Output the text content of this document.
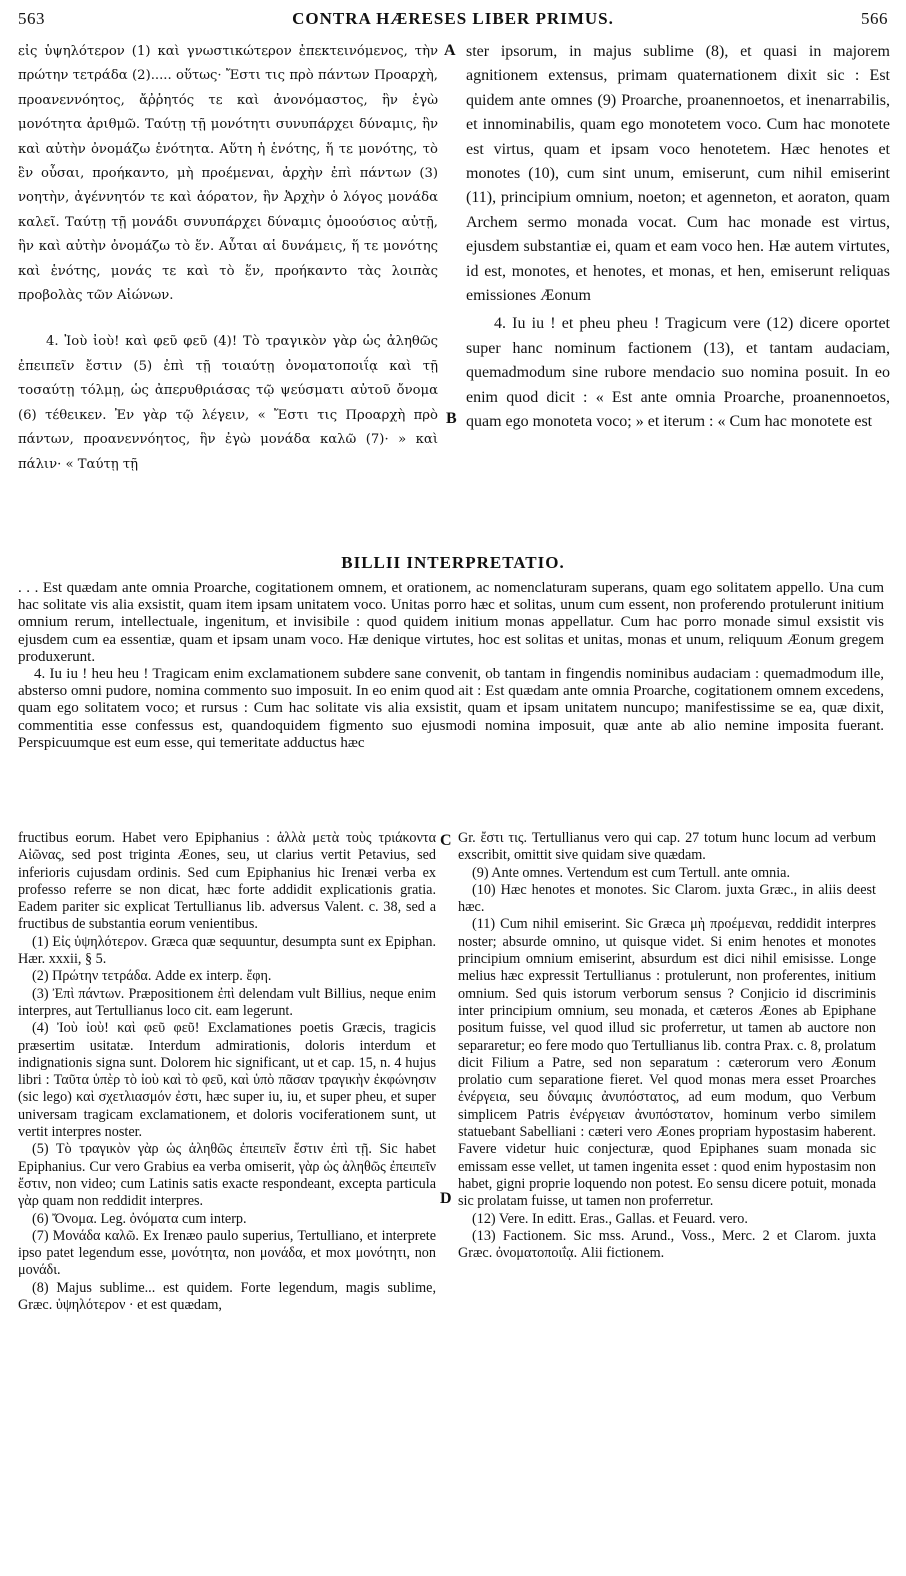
563	CONTRA HÆRESES LIBER PRIMUS.	566

εἰς ὑψηλότερον (1) καὶ γνωστικώτερον ἐπεκτεινόμενος, τὴν πρώτην τετράδα (2)..... οὕτως· Ἔστι τις πρὸ πάντων Προαρχὴ, προανεννόητος, ἄῤῥητός τε καὶ ἀνονόμαστος, ἣν ἐγὼ μονότητα ἀριθμῶ. Ταύτῃ τῇ μονότητι συνυπάρχει δύναμις, ἣν καὶ αὐτὴν ὀνομάζω ἑνότητα. Αὕτη ἡ ἑνότης, ἥ τε μονότης, τὸ ἓν οὖσαι, προήκαντο, μὴ προέμεναι, ἀρχὴν ἐπὶ πάντων (3) νοητὴν, ἀγέννητόν τε καὶ ἀόρατον, ἣν Ἀρχὴν ὁ λόγος μονάδα καλεῖ. Ταύτῃ τῇ μονάδι συνυπάρχει δύναμις ὁμοούσιος αὐτῇ, ἣν καὶ αὐτὴν ὀνομάζω τὸ ἕν. Αὗται αἱ δυνάμεις, ἥ τε μονότης καὶ ἑνότης, μονάς τε καὶ τὸ ἕν, προήκαντο τὰς λοιπὰς προβολὰς τῶν Αἰώνων.

4. Ἰοὺ ἰοὺ! καὶ φεῦ φεῦ (4)! Τὸ τραγικὸν γὰρ ὡς ἀληθῶς ἐπειπεῖν ἔστιν (5) ἐπὶ τῇ τοιαύτῃ ὀνοματοποιΐᾳ καὶ τῇ τοσαύτῃ τόλμῃ, ὡς ἀπερυθριάσας τῷ ψεύσματι αὐτοῦ ὄνομα (6) τέθεικεν. Ἐν γὰρ τῷ λέγειν, « Ἔστι τις Προαρχὴ πρὸ πάντων, προανεννόητος, ἣν ἐγὼ μονάδα καλῶ (7)· » καὶ πάλιν· « Ταύτῃ τῇ

A
B

ster ipsorum, in majus sublime (8), et quasi in majorem agnitionem extensus, primam quaternationem dixit sic : Est quidem ante omnes (9) Proarche, proanennoetos, et inenarrabilis, et innominabilis, quam ego monotetem voco. Cum hac monotete est virtus, quam et ipsam voco henotetem. Hæc henotes et monotes (10), cum sint unum, emiserunt, cum nihil emiserint (11), principium omnium, noeton; et agenneton, et aoraton, quam Archem sermo monada vocat. Cum hac monade est virtus, ejusdem substantiæ ei, quam et eam voco hen. Hæ autem virtutes, id est, monotes, et henotes, et monas, et hen, emiserunt reliquas emissiones Æonum

4. Iu iu ! et pheu pheu ! Tragicum vere (12) dicere oportet super hanc nominum factionem (13), et tantam audaciam, quemadmodum sine rubore mendacio suo nomina posuit. In eo enim quod dicit : « Est ante omnia Proarche, proanennoetos, quam ego monoteta voco; » et iterum : « Cum hac monotete est

BILLII INTERPRETATIO.

. . . Est quædam ante omnia Proarche, cogitationem omnem, et orationem, ac nomenclaturam superans, quam ego solitatem appello. Una cum hac solitate vis alia exsistit, quam item ipsam unitatem voco. Unitas porro hæc et solitas, unum cum essent, non proferendo protulerunt initium omnium rerum, intellectuale, ingenitum, et invisibile : quod quidem initium monas appellatur. Cum hac porro monade simul exsistit vis ejusdem cum ea essentiæ, quam et ipsam unam voco. Hæ denique virtutes, hoc est solitas et unitas, monas et unum, reliquum Æonum gregem produxerunt.

4. Iu iu ! heu heu ! Tragicam enim exclamationem subdere sane convenit, ob tantam in fingendis nominibus audaciam : quemadmodum ille, absterso omni pudore, nomina commento suo imposuit. In eo enim quod ait : Est quædam ante omnia Proarche, cogitationem omnem excedens, quam ego solitatem voco; et rursus : Cum hac solitate vis alia exsistit, quam et ipsam unitatem nuncupo; manifestissime se ea, quæ dixit, commentitia esse confessus est, quandoquidem figmento suo ejusmodi nomina imposuit, quæ ante ab alio nemine imposita fuerant. Perspicuumque est eum esse, qui temeritate adductus hæc

fructibus eorum. Habet vero Epiphanius : ἀλλὰ μετὰ τοὺς τριάκοντα Αἰῶνας, sed post triginta Æones, seu, ut clarius vertit Petavius, sed inferioris cujusdam ordinis. Sed cum Epiphanius hic Irenæi verba ex professo referre se non dicat, hæc forte addidit explicationis gratia. Eadem pariter sic explicat Tertullianus lib. adversus Valent. c. 38, sed a fructibus de substantia eorum venientibus.

(1) Εἰς ὑψηλότερον. Græca quæ sequuntur, desumpta sunt ex Epiphan. Hær. xxxii, § 5.

(2) Πρώτην τετράδα. Adde ex interp. ἔφη.

(3) Ἐπὶ πάντων. Præpositionem ἐπὶ delendam vult Billius, neque enim interpres, aut Tertullianus loco cit. eam legerunt.

(4) Ἰοὺ ἰοὺ! καὶ φεῦ φεῦ! Exclamationes poetis Græcis, tragicis præsertim usitatæ. Interdum admirationis, doloris interdum et indignationis signa sunt. Dolorem hic significant, ut et cap. 15, n. 4 hujus libri : Ταῦτα ὑπὲρ τὸ ἰοὺ καὶ τὸ φεῦ, καὶ ὑπὸ πᾶσαν τραγικὴν ἐκφώνησιν (sic lego) καὶ σχετλιασμόν ἐστι, hæc super iu, iu, et super pheu, et super universam tragicam exclamationem, et doloris vociferationem sunt, ut vertit interpres noster.

(5) Τὸ τραγικὸν γὰρ ὡς ἀληθῶς ἐπειπεῖν ἔστιν ἐπὶ τῇ. Sic habet Epiphanius. Cur vero Grabius ea verba omiserit, γὰρ ὡς ἀληθῶς ἐπειπεῖν ἔστιν, non video; cum Latinis satis exacte respondeant, excepta particula γὰρ quam non reddidit interpres.

(6) Ὄνομα. Leg. ὀνόματα cum interp.

(7) Μονάδα καλῶ. Ex Irenæo paulo superius, Tertulliano, et interprete ipso patet legendum esse, μονότητα, non μονάδα, et mox μονότητι, non μονάδι.

(8) Majus sublime... est quidem. Forte legendum, magis sublime, Græc. ὑψηλότερον · et est quædam,

C
D

Gr. ἔστι τις. Tertullianus vero qui cap. 27 totum hunc locum ad verbum exscribit, omittit sive quidam sive quædam.

(9) Ante omnes. Vertendum est cum Tertull. ante omnia.

(10) Hæc henotes et monotes. Sic Clarom. juxta Græc., in aliis deest hæc.

(11) Cum nihil emiserint. Sic Græca μὴ προέμεναι, reddidit interpres noster; absurde omnino, ut quisque videt. Si enim henotes et monotes principium omnium emiserint, absurdum est dici nihil emisisse. Longe melius hæc expressit Tertullianus : protulerunt, non proferentes, initium omnium. Sed quis istorum verborum sensus ? Conjicio id discriminis inter principium omnium, seu monada, et cæteros Æones ab Epiphane positum fuisse, vel quod illud sic proferretur, ut tamen ab auctore non separaretur; eo fere modo quo Tertullianus lib. contra Prax. c. 8, prolatum dicit Filium a Patre, sed non separatum : cæterorum vero Æonum prolatio cum separatione fieret. Vel quod monas mera esset Proarches ἐνέργεια, seu δύναμις ἀνυπόστατος, ad eum modum, quo Verbum simplicem Patris ἐνέργειαν ἀνυπόστατον, hominum verbo similem statuebant Sabelliani : cæteri vero Æones propriam hypostasim haberent. Favere videtur huic conjecturæ, quod Epiphanes suam monada sic emissam esse vellet, ut tamen ingenita esset : quod enim hypostasim non habet, gigni proprie loquendo non potest. Eo sensu dicere potuit, monada sic prolatam fuisse, ut tamen non proferretur.

(12) Vere. In editt. Eras., Gallas. et Feuard. vero.

(13) Factionem. Sic mss. Arund., Voss., Merc. 2 et Clarom. juxta Græc. ὀνοματοποιΐᾳ. Alii fictionem.
